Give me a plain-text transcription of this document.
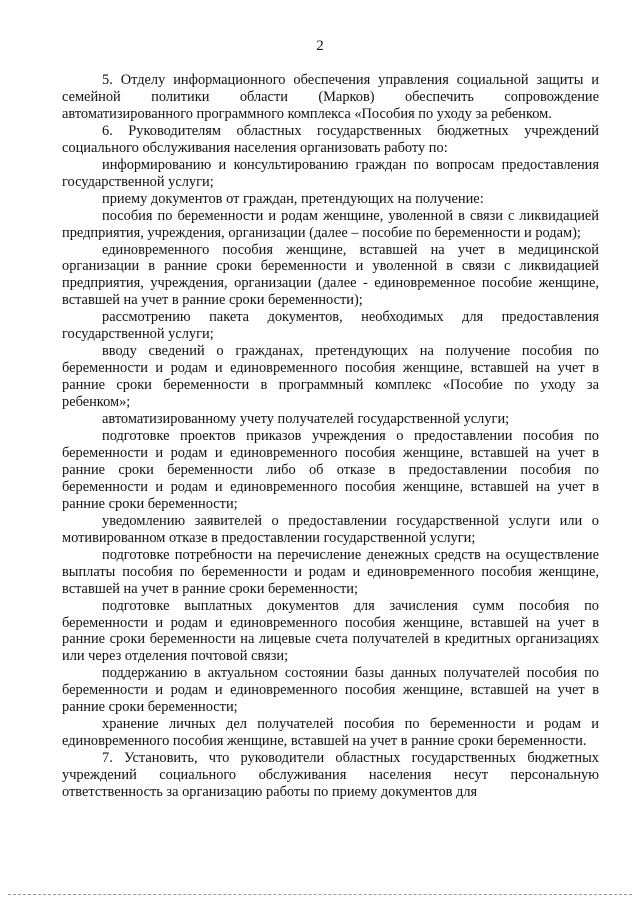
2

5. Отделу информационного обеспечения управления социальной защиты и семейной политики области (Марков) обеспечить сопровождение автоматизированного программного комплекса «Пособия по уходу за ребенком.

6. Руководителям областных государственных бюджетных учреждений социального обслуживания населения организовать работу по:

информированию и консультированию граждан по вопросам предоставления государственной услуги;

приему документов от граждан, претендующих на получение:

пособия по беременности и родам женщине, уволенной в связи с ликвидацией предприятия, учреждения, организации (далее – пособие по беременности и родам);

единовременного пособия женщине, вставшей на учет в медицинской организации в ранние сроки беременности и уволенной в связи с ликвидацией предприятия, учреждения, организации (далее - единовременное пособие женщине, вставшей на учет в ранние сроки беременности);

рассмотрению пакета документов, необходимых для предоставления государственной услуги;

вводу сведений о гражданах, претендующих на получение пособия по беременности и родам и единовременного пособия женщине, вставшей на учет в ранние сроки беременности в программный комплекс «Пособие по уходу за ребенком»;

автоматизированному учету получателей государственной услуги;

подготовке проектов приказов учреждения о предоставлении пособия по беременности и родам и единовременного пособия женщине, вставшей на учет в ранние сроки беременности либо об отказе в предоставлении пособия по беременности и родам и единовременного пособия женщине, вставшей на учет в ранние сроки беременности;

уведомлению заявителей о предоставлении государственной услуги или о мотивированном отказе в предоставлении государственной услуги;

подготовке потребности на перечисление денежных средств на осуществление выплаты пособия по беременности и родам и единовременного пособия женщине, вставшей на учет в ранние сроки беременности;

подготовке выплатных документов для зачисления сумм пособия по беременности и родам и единовременного пособия женщине, вставшей на учет в ранние сроки беременности на лицевые счета получателей в кредитных организациях или через отделения почтовой связи;

поддержанию в актуальном состоянии базы данных получателей пособия по беременности и родам и единовременного пособия женщине, вставшей на учет в ранние сроки беременности;

хранение личных дел получателей пособия по беременности и родам и единовременного пособия женщине, вставшей на учет в ранние сроки беременности.

7. Установить, что руководители областных государственных бюджетных учреждений социального обслуживания населения несут персональную ответственность за организацию работы по приему документов для
